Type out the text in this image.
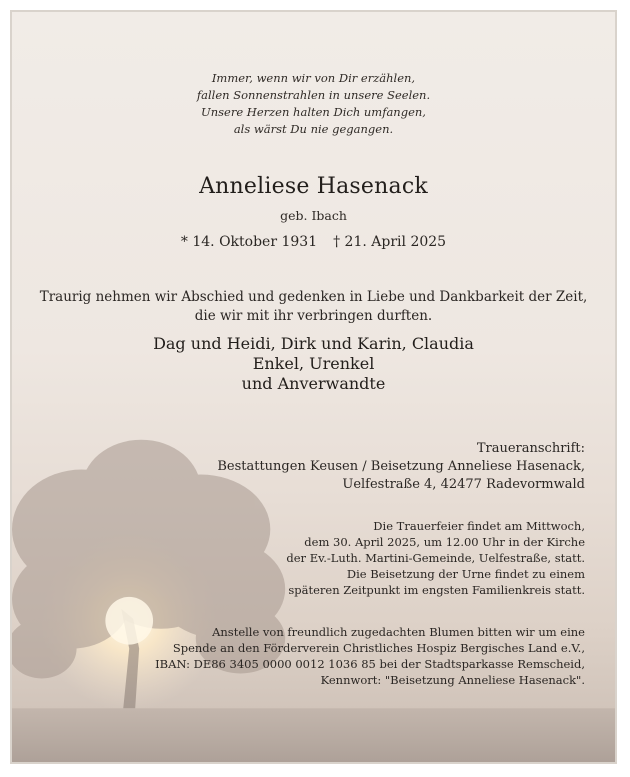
Immer, wenn wir von Dir erzählen,
fallen Sonnenstrahlen in unsere Seelen.
Unsere Herzen halten Dich umfangen,
als wärst Du nie gegangen.
Anneliese Hasenack
geb. Ibach
* 14. Oktober 1931 † 21. April 2025
Traurig nehmen wir Abschied und gedenken in Liebe und Dankbarkeit der Zeit,
die wir mit ihr verbringen durften.
Dag und Heidi, Dirk und Karin, Claudia
Enkel, Urenkel
und Anverwandte
Traueranschrift:
Bestattungen Keusen / Beisetzung Anneliese Hasenack,
Uelfestraße 4, 42477 Radevormwald
Die Trauerfeier findet am Mittwoch,
dem 30. April 2025, um 12.00 Uhr in der Kirche
der Ev.-Luth. Martini-Gemeinde, Uelfestraße, statt.
Die Beisetzung der Urne findet zu einem
späteren Zeitpunkt im engsten Familienkreis statt.
Anstelle von freundlich zugedachten Blumen bitten wir um eine
Spende an den Förderverein Christliches Hospiz Bergisches Land e.V.,
IBAN: DE86 3405 0000 0012 1036 85 bei der Stadtsparkasse Remscheid,
Kennwort: "Beisetzung Anneliese Hasenack".
